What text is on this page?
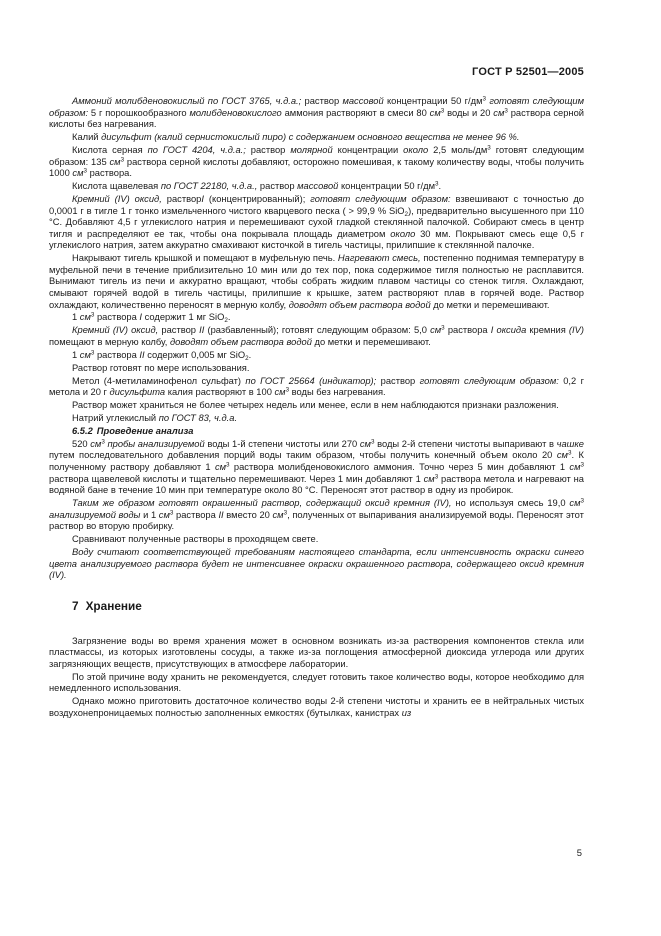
ГОСТ Р 52501—2005

Аммоний молибденовокислый по ГОСТ 3765, ч.д.а.; раствор массовой концентрации 50 $г/дм^3$ готовят следующим образом: 5 г порошкообразного молибденовокислого аммония растворяют в смеси 80 $см^3$ воды и 20 $см^3$ раствора серной кислоты без нагревания.

Калий дисульфит (калий сернистокислый пиро) с содержанием основного вещества не менее 96 %.

Кислота серная по ГОСТ 4204, ч.д.а.; раствор молярной концентрации около 2,5 моль/$дм^3$ готовят следующим образом: 135 $см^3$ раствора серной кислоты добавляют, осторожно помешивая, к такому количеству воды, чтобы получить 1000 $см^3$ раствора.

Кислота щавелевая по ГОСТ 22180, ч.д.а., раствор массовой концентрации 50 $г/дм^3$.

Кремний (IV) оксид, растворI (концентрированный); готовят следующим образом: взвешивают с точностью до 0,0001 г в тигле 1 г тонко измельченного чистого кварцевого песка ( > 99,9 % SiO$_2$), предварительно высушенного при 110 °С. Добавляют 4,5 г углекислого натрия и перемешивают сухой гладкой стеклянной палочкой. Собирают смесь в центр тигля и распределяют ее так, чтобы она покрывала площадь диаметром около 30 мм. Покрывают смесь еще 0,5 г углекислого натрия, затем аккуратно смахивают кисточкой в тигель частицы, прилипшие к стеклянной палочке.

Накрывают тигель крышкой и помещают в муфельную печь. Нагревают смесь, постепенно поднимая температуру в муфельной печи в течение приблизительно 10 мин или до тех пор, пока содержимое тигля полностью не расплавится. Вынимают тигель из печи и аккуратно вращают, чтобы собрать жидким плавом частицы со стенок тигля. Охлаждают, смывают горячей водой в тигель частицы, прилипшие к крышке, затем растворяют плав в горячей воде. Раствор охлаждают, количественно переносят в мерную колбу, доводят объем раствора водой до метки и перемешивают.

1 $см^3$ раствора I содержит 1 мг SiO$_2$.

Кремний (IV) оксид, раствор II (разбавленный); готовят следующим образом: 5,0 $см^3$ раствора I оксида кремния (IV) помещают в мерную колбу, доводят объем раствора водой до метки и перемешивают.

1 $см^3$ раствора II содержит 0,005 мг SiO$_2$.

Раствор готовят по мере использования.

Метол (4-метиламинофенол сульфат) по ГОСТ 25664 (индикатор); раствор готовят следующим образом: 0,2 г метола и 20 г дисульфита калия растворяют в 100 $см^3$ воды без нагревания.

Раствор может храниться не более четырех недель или менее, если в нем наблюдаются признаки разложения.

Натрий углекислый по ГОСТ 83, ч.д.а.

6.5.2 Проведение анализа

520 $см^3$ пробы анализируемой воды 1-й степени чистоты или 270 $см^3$ воды 2-й степени чистоты выпаривают в чашке путем последовательного добавления порций воды таким образом, чтобы получить конечный объем около 20 $см^3$. К полученному раствору добавляют 1 $см^3$ раствора молибденовокислого аммония. Точно через 5 мин добавляют 1 $см^3$ раствора щавелевой кислоты и тщательно перемешивают. Через 1 мин добавляют 1 $см^3$ раствора метола и нагревают на водяной бане в течение 10 мин при температуре около 80 °С. Переносят этот раствор в одну из пробирок.

Таким же образом готовят окрашенный раствор, содержащий оксид кремния (IV), но используя смесь 19,0 $см^3$ анализируемой воды и 1 $см^3$ раствора II вместо 20 $см^3$, полученных от выпаривания анализируемой воды. Переносят этот раствор во вторую пробирку.

Сравнивают полученные растворы в проходящем свете.

Воду считают соответствующей требованиям настоящего стандарта, если интенсивность окраски синего цвета анализируемого раствора будет не интенсивнее окраски окрашенного раствора, содержащего оксид кремния (IV).

7 Хранение

Загрязнение воды во время хранения может в основном возникать из-за растворения компонентов стекла или пластмассы, из которых изготовлены сосуды, а также из-за поглощения атмосферной диоксида углерода или других загрязняющих веществ, присутствующих в атмосфере лаборатории.

По этой причине воду хранить не рекомендуется, следует готовить такое количество воды, которое необходимо для немедленного использования.

Однако можно приготовить достаточное количество воды 2-й степени чистоты и хранить ее в нейтральных чистых воздухонепроницаемых полностью заполненных емкостях (бутылках, канистрах из

5
